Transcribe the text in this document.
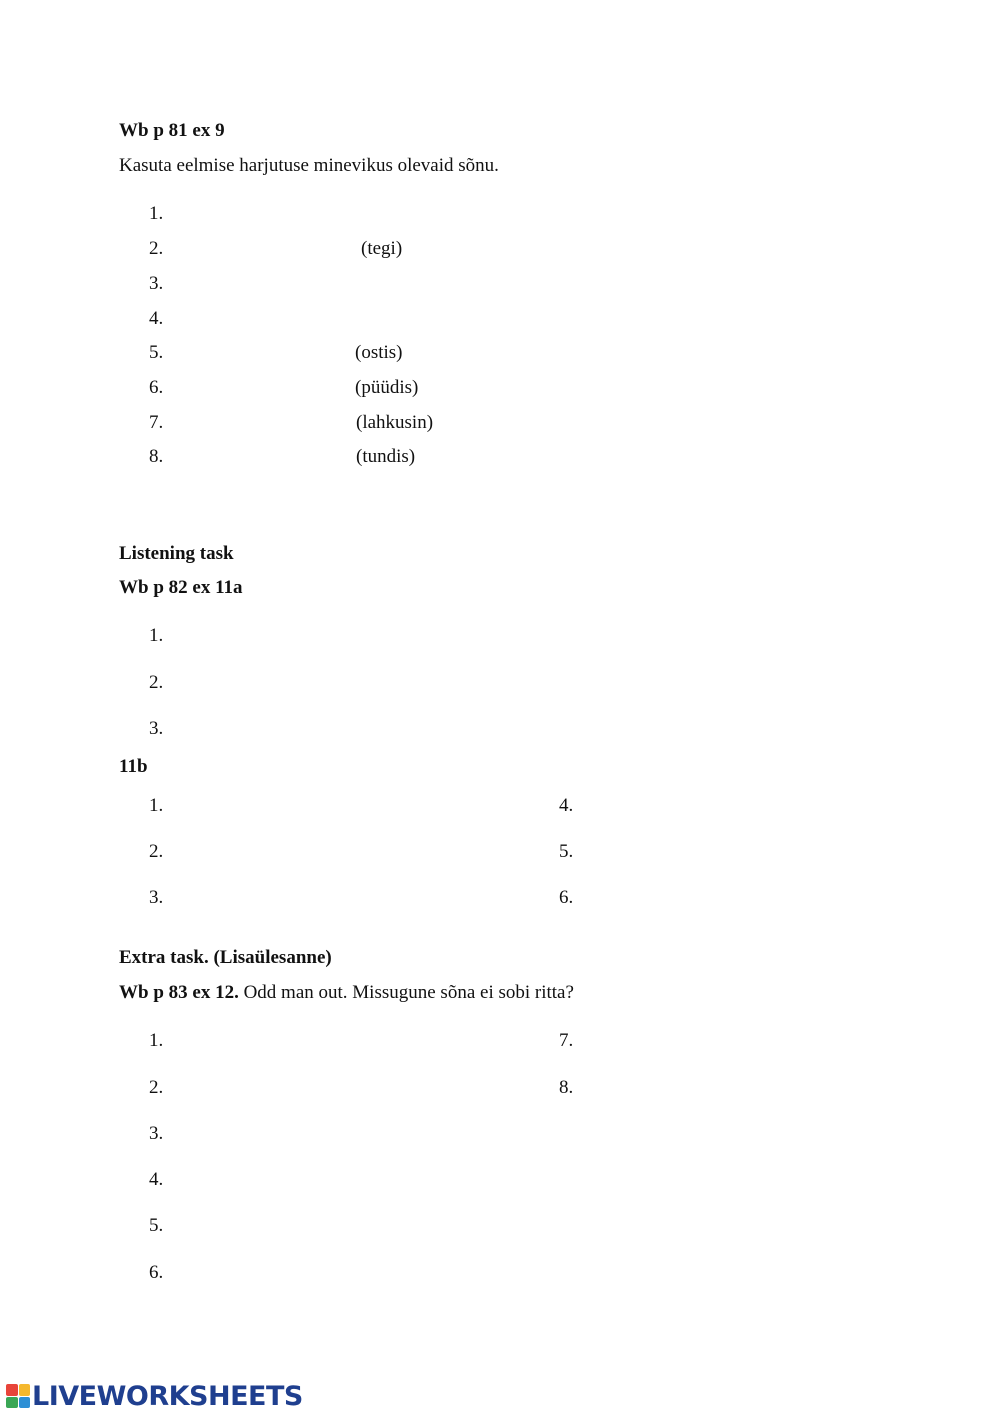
Wb p 81 ex 9
Kasuta eelmise harjutuse minevikus olevaid sõnu.
1.
2.	(tegi)
3.
4.
5.	(ostis)
6.	(püüdis)
7.	(lahkusin)
8.	(tundis)
Listening task
Wb p 82 ex 11a
1.
2.
3.
11b
1.
2.
3.
4.
5.
6.
Extra task. (Lisaülesanne)
Wb p 83 ex 12. Odd man out. Missugune sõna ei sobi ritta?
1.
2.
3.
4.
5.
6.
7.
8.
LIVEWORKSHEETS
